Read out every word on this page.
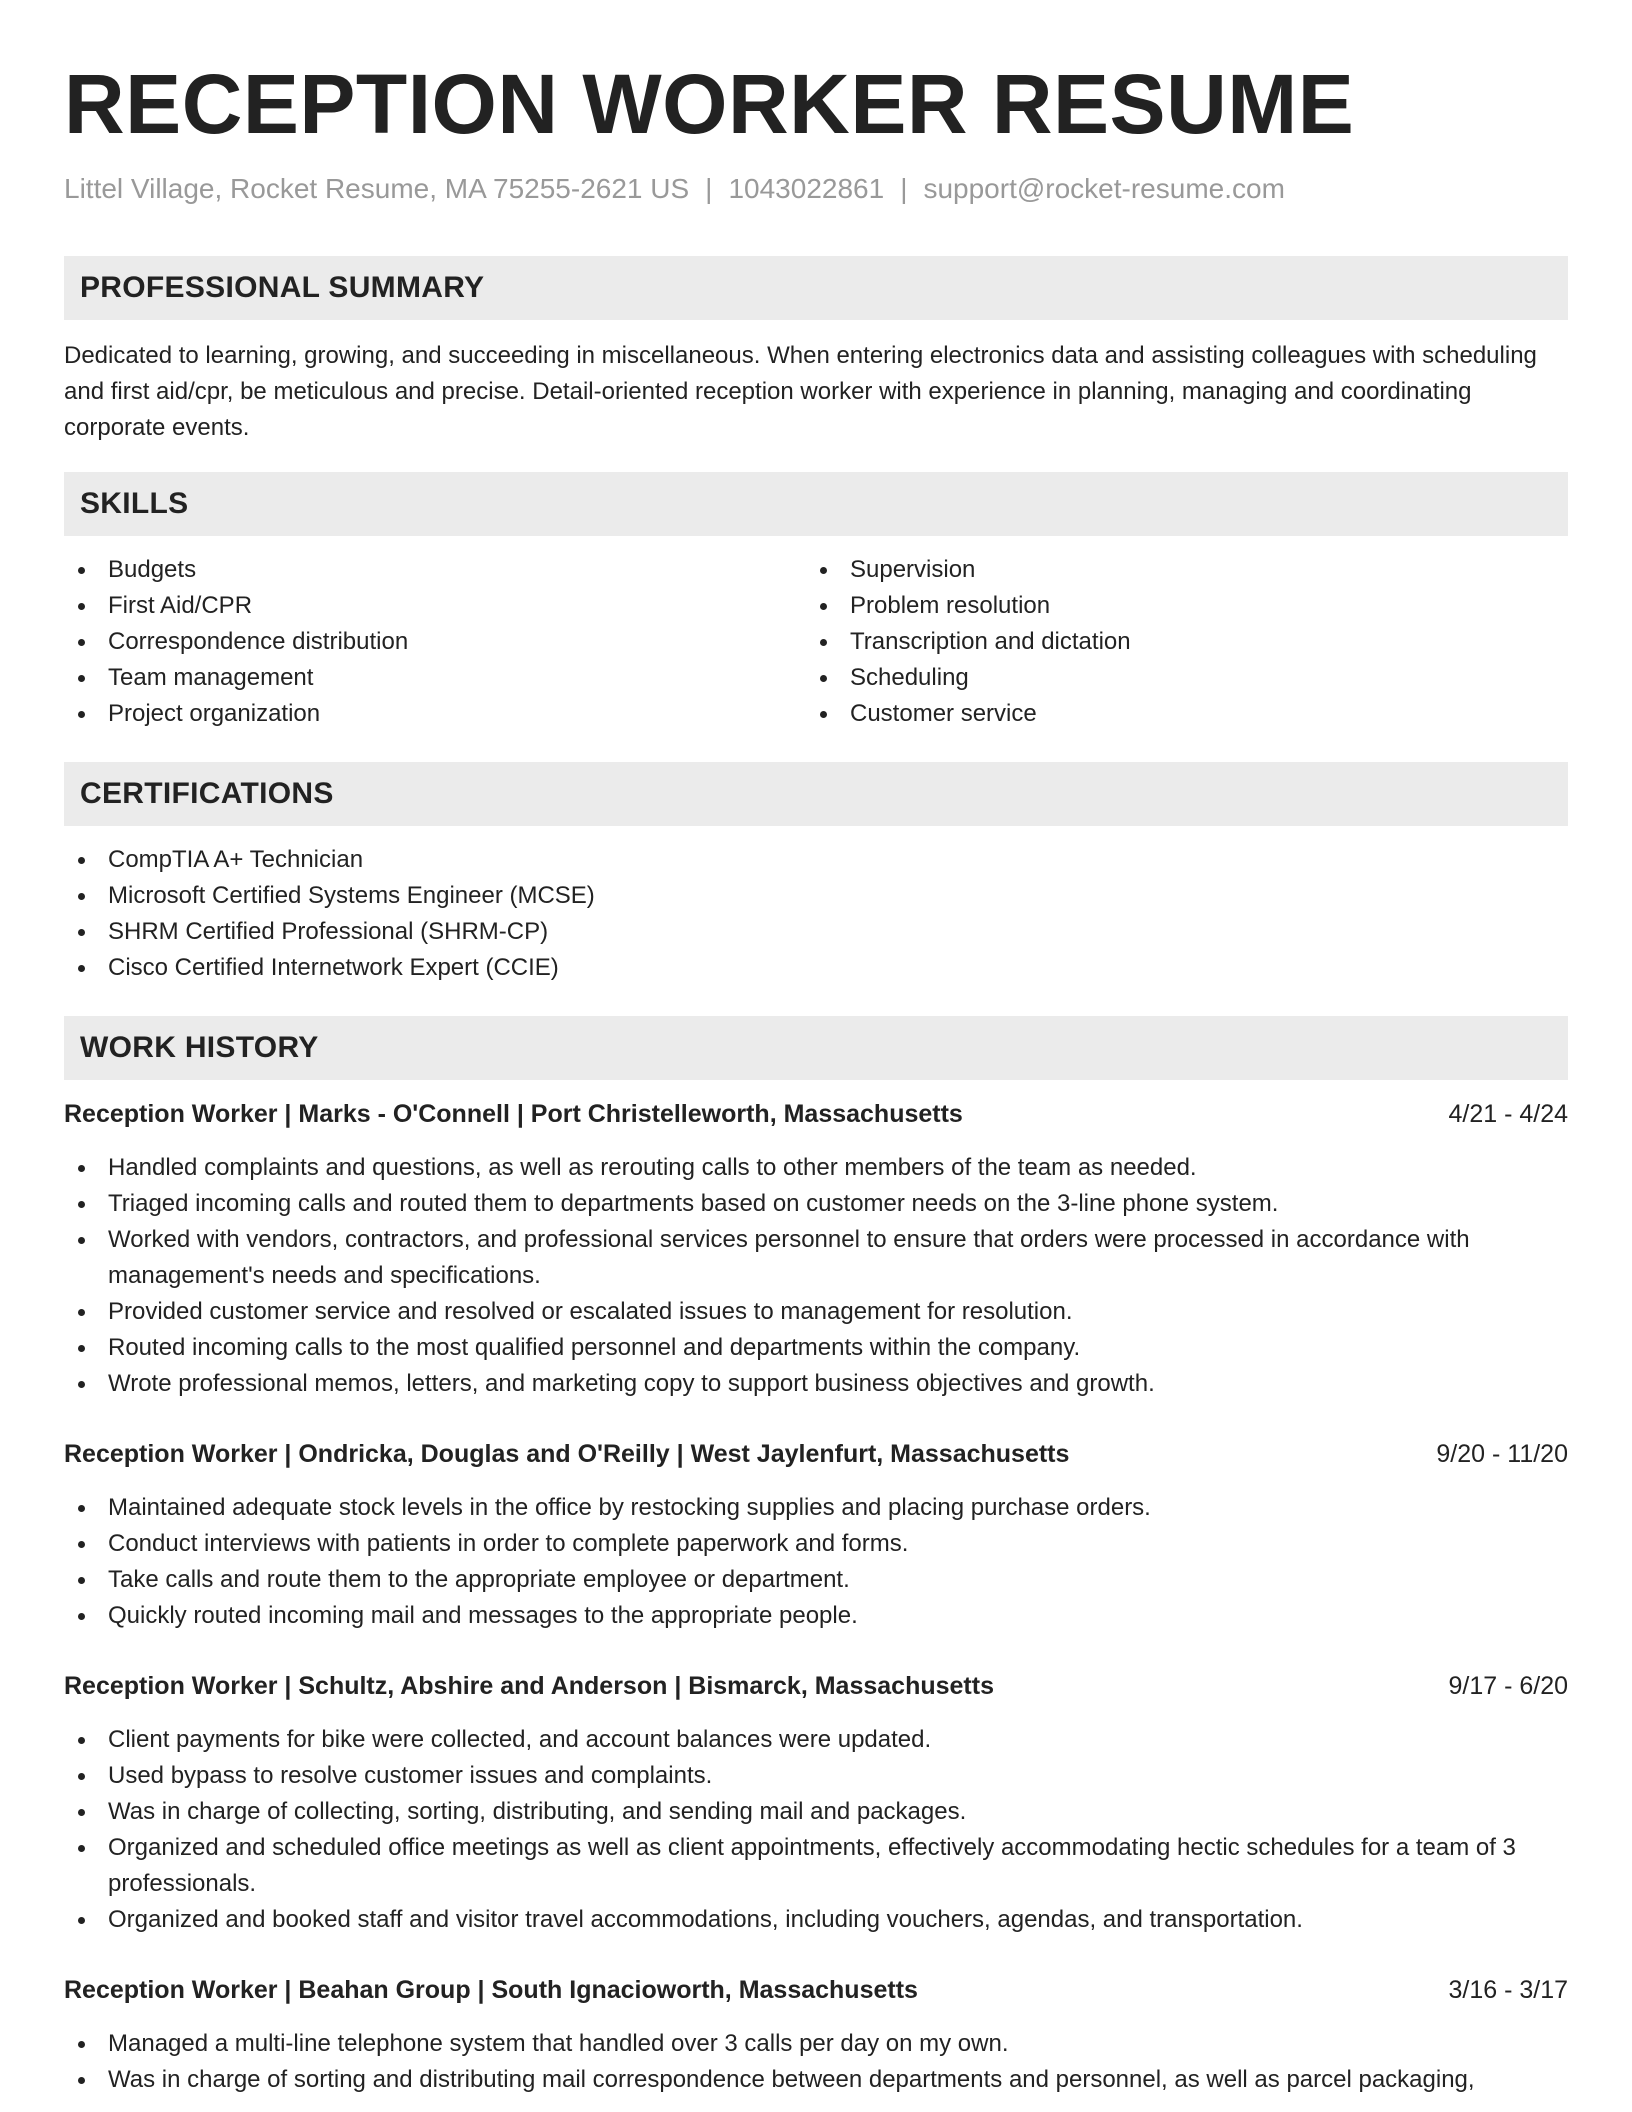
RECEPTION WORKER RESUME
Littel Village, Rocket Resume, MA 75255-2621 US | 1043022861 | support@rocket-resume.com
PROFESSIONAL SUMMARY

Dedicated to learning, growing, and succeeding in miscellaneous. When entering electronics data and assisting colleagues with scheduling and first aid/cpr, be meticulous and precise. Detail-oriented reception worker with experience in planning, managing and coordinating corporate events.

SKILLS
Budgets
First Aid/CPR
Correspondence distribution
Team management
Project organization
Supervision
Problem resolution
Transcription and dictation
Scheduling
Customer service
CERTIFICATIONS
CompTIA A+ Technician
Microsoft Certified Systems Engineer (MCSE)
SHRM Certified Professional (SHRM-CP)
Cisco Certified Internetwork Expert (CCIE)
WORK HISTORY
Reception Worker | Marks - O'Connell | Port Christelleworth, Massachusetts	4/21 - 4/24
Handled complaints and questions, as well as rerouting calls to other members of the team as needed.
Triaged incoming calls and routed them to departments based on customer needs on the 3-line phone system.
Worked with vendors, contractors, and professional services personnel to ensure that orders were processed in accordance with management's needs and specifications.
Provided customer service and resolved or escalated issues to management for resolution.
Routed incoming calls to the most qualified personnel and departments within the company.
Wrote professional memos, letters, and marketing copy to support business objectives and growth.
Reception Worker | Ondricka, Douglas and O'Reilly | West Jaylenfurt, Massachusetts	9/20 - 11/20
Maintained adequate stock levels in the office by restocking supplies and placing purchase orders.
Conduct interviews with patients in order to complete paperwork and forms.
Take calls and route them to the appropriate employee or department.
Quickly routed incoming mail and messages to the appropriate people.
Reception Worker | Schultz, Abshire and Anderson | Bismarck, Massachusetts	9/17 - 6/20
Client payments for bike were collected, and account balances were updated.
Used bypass to resolve customer issues and complaints.
Was in charge of collecting, sorting, distributing, and sending mail and packages.
Organized and scheduled office meetings as well as client appointments, effectively accommodating hectic schedules for a team of 3 professionals.
Organized and booked staff and visitor travel accommodations, including vouchers, agendas, and transportation.
Reception Worker | Beahan Group | South Ignacioworth, Massachusetts	3/16 - 3/17
Managed a multi-line telephone system that handled over 3 calls per day on my own.
Was in charge of sorting and distributing mail correspondence between departments and personnel, as well as parcel packaging,
